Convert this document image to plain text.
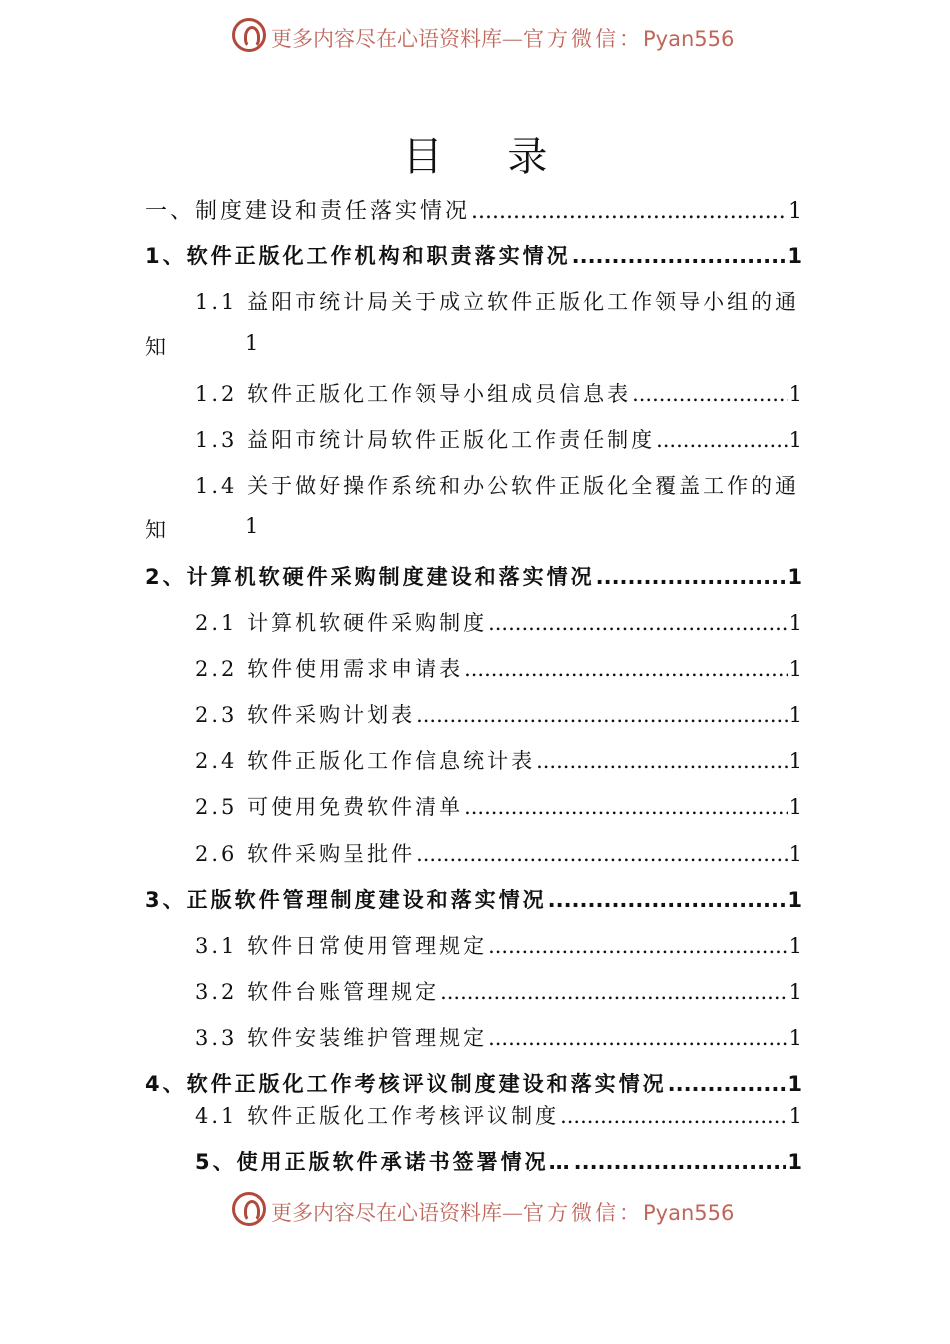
更多内容尽在心语资料库—官方微信：Pyan556
目 录
一、制度建设和责任落实情况 .....	1
1、软件正版化工作机构和职责落实情况 .....	1
1.1 益阳市统计局关于成立软件正版化工作领导小组的通
知	1
1.2 软件正版化工作领导小组成员信息表 .....	1
1.3 益阳市统计局软件正版化工作责任制度 .....	1
1.4 关于做好操作系统和办公软件正版化全覆盖工作的通
知	1
2、计算机软硬件采购制度建设和落实情况 .....	1
2.1 计算机软硬件采购制度 .....	1
2.2 软件使用需求申请表 .....	1
2.3 软件采购计划表 .....	1
2.4 软件正版化工作信息统计表 .....	1
2.5 可使用免费软件清单 .....	1
2.6 软件采购呈批件 .....	1
3、正版软件管理制度建设和落实情况 .....	1
3.1 软件日常使用管理规定 .....	1
3.2 软件台账管理规定 .....	1
3.3 软件安装维护管理规定 .....	1
4、软件正版化工作考核评议制度建设和落实情况 .....	1
4.1 软件正版化工作考核评议制度 .....	1
5、使用正版软件承诺书签署情况… .....	1
更多内容尽在心语资料库—官方微信：Pyan556
